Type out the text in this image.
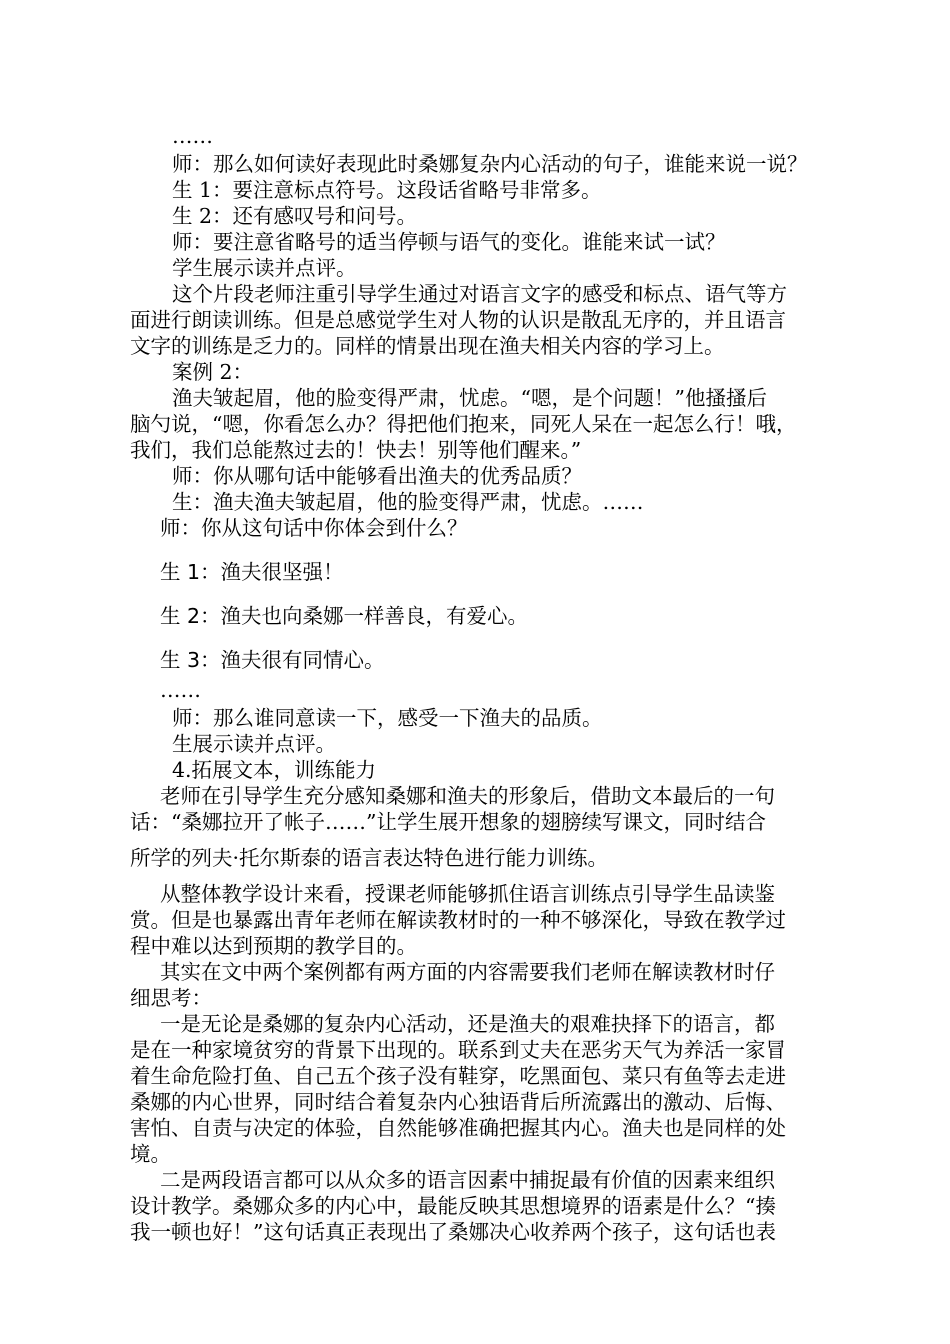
……
师：那么如何读好表现此时桑娜复杂内心活动的句子，谁能来说一说？
生 1：要注意标点符号。这段话省略号非常多。
生 2：还有感叹号和问号。
师：要注意省略号的适当停顿与语气的变化。谁能来试一试？
学生展示读并点评。
这个片段老师注重引导学生通过对语言文字的感受和标点、语气等方
面进行朗读训练。但是总感觉学生对人物的认识是散乱无序的，并且语言
文字的训练是乏力的。同样的情景出现在渔夫相关内容的学习上。
案例 2：
渔夫皱起眉，他的脸变得严肃，忧虑。“嗯，是个问题！”他搔搔后
脑勺说，“嗯，你看怎么办？得把他们抱来，同死人呆在一起怎么行！哦，
我们，我们总能熬过去的！快去！别等他们醒来。”
师：你从哪句话中能够看出渔夫的优秀品质？
生：渔夫渔夫皱起眉，他的脸变得严肃，忧虑。……
师：你从这句话中你体会到什么？
生 1：渔夫很坚强！
生 2：渔夫也向桑娜一样善良，有爱心。
生 3：渔夫很有同情心。
……
师：那么谁同意读一下，感受一下渔夫的品质。
生展示读并点评。
4.拓展文本，训练能力
老师在引导学生充分感知桑娜和渔夫的形象后，借助文本最后的一句
话：“桑娜拉开了帐子……”让学生展开想象的翅膀续写课文，同时结合
所学的列夫·托尔斯泰的语言表达特色进行能力训练。
从整体教学设计来看，授课老师能够抓住语言训练点引导学生品读鉴
赏。但是也暴露出青年老师在解读教材时的一种不够深化，导致在教学过
程中难以达到预期的教学目的。
其实在文中两个案例都有两方面的内容需要我们老师在解读教材时仔
细思考：
一是无论是桑娜的复杂内心活动，还是渔夫的艰难抉择下的语言，都
是在一种家境贫穷的背景下出现的。联系到丈夫在恶劣天气为养活一家冒
着生命危险打鱼、自己五个孩子没有鞋穿，吃黑面包、菜只有鱼等去走进
桑娜的内心世界，同时结合着复杂内心独语背后所流露出的激动、后悔、
害怕、自责与决定的体验，自然能够准确把握其内心。渔夫也是同样的处
境。
二是两段语言都可以从众多的语言因素中捕捉最有价值的因素来组织
设计教学。桑娜众多的内心中，最能反映其思想境界的语素是什么？“揍
我一顿也好！”这句话真正表现出了桑娜决心收养两个孩子，这句话也表
